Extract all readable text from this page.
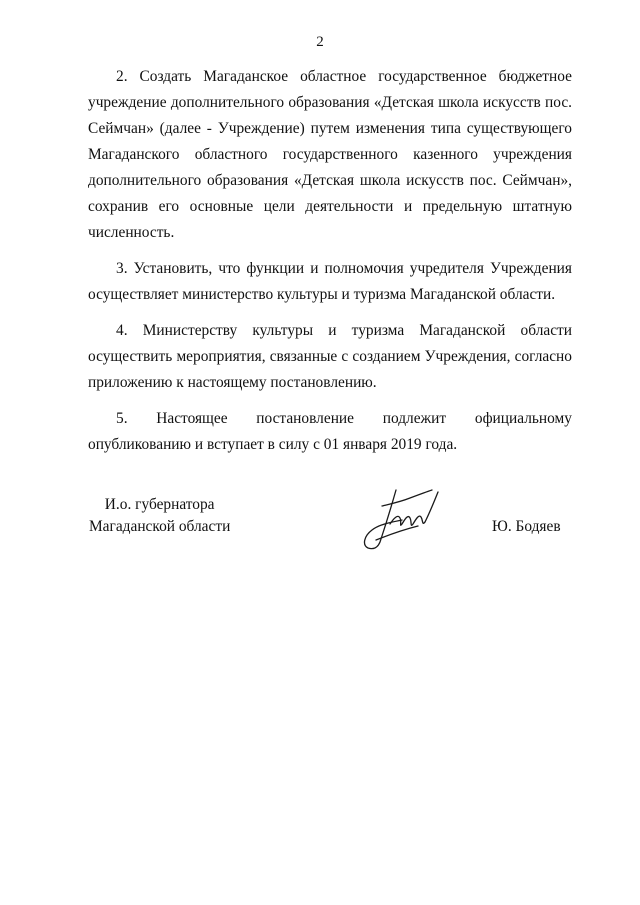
2

2. Создать Магаданское областное государственное бюджетное учреждение дополнительного образования «Детская школа искусств пос. Сеймчан» (далее - Учреждение) путем изменения типа существующего Магаданского областного государственного казенного учреждения дополнительного образования «Детская школа искусств пос. Сеймчан», сохранив его основные цели деятельности и предельную штатную численность.

3. Установить, что функции и полномочия учредителя Учреждения осуществляет министерство культуры и туризма Магаданской области.

4. Министерству культуры и туризма Магаданской области осуществить мероприятия, связанные с созданием Учреждения, согласно приложению к настоящему постановлению.

5. Настоящее постановление подлежит официальному опубликованию и вступает в силу с 01 января 2019 года.

И.о. губернатора
Магаданской области	Ю. Бодяев
